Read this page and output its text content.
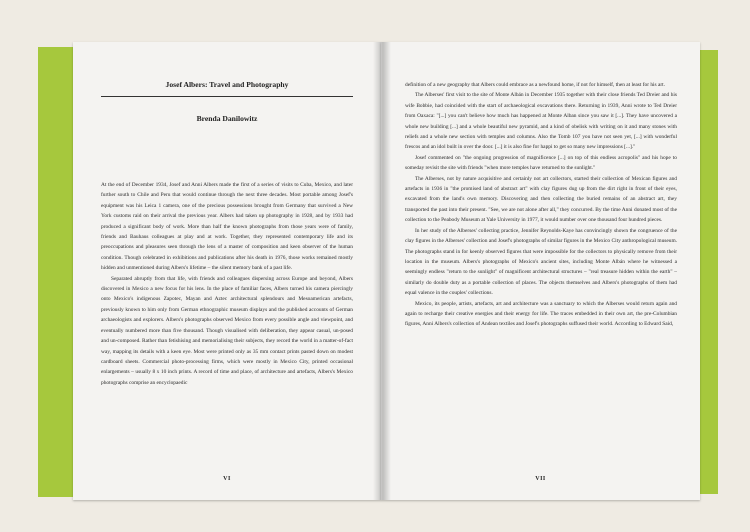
Josef Albers: Travel and Photography
Brenda Danilowitz

At the end of December 1934, Josef and Anni Albers made the first of a series of visits to Cuba, Mexico, and later further south to Chile and Peru that would continue through the next three decades. Most portable among Josef's equipment was his Leica 1 camera, one of the precious possessions brought from Germany that survived a New York customs raid on their arrival the previous year. Albers had taken up photography in 1928, and by 1933 had produced a significant body of work. More than half the known photographs from those years were of family, friends and Bauhaus colleagues at play and at work. Together, they represented contemporary life and its preoccupations and pleasures seen through the lens of a master of composition and keen observer of the human condition. Though celebrated in exhibitions and publications after his death in 1976, those works remained mostly hidden and unmentioned during Albers's lifetime – the silent memory bank of a past life.

Separated abruptly from that life, with friends and colleagues dispersing across Europe and beyond, Albers discovered in Mexico a new focus for his lens. In the place of familiar faces, Albers turned his camera piercingly onto Mexico's indigenous Zapotec, Mayan and Aztec architectural splendours and Mesoamerican artefacts, previously known to him only from German ethnographic museum displays and the published accounts of German archaeologists and explorers. Albers's photographs observed Mexico from every possible angle and viewpoint, and eventually numbered more than five thousand. Though visualised with deliberation, they appear casual, un-posed and un-composed. Rather than fetishising and memorialising their subjects, they record the world in a matter-of-fact way, mapping its details with a keen eye. Most were printed only as 35 mm contact prints pasted down on modest cardboard sheets. Commercial photo-processing firms, which were mostly in Mexico City, printed occasional enlargements – usually 8 x 10 inch prints. A record of time and place, of architecture and artefacts, Albers's Mexico photographs comprise an encyclopaedic

VI

definition of a new geography that Albers could embrace as a newfound home, if not for himself, then at least for his art.

The Alberses' first visit to the site of Monte Albán in December 1935 together with their close friends Ted Dreier and his wife Bobbie, had coincided with the start of archaeological excavations there. Returning in 1939, Anni wrote to Ted Dreier from Oaxaca: "[...] you can't believe how much has happened at Monte Alban since you saw it [...]. They have uncovered a whole new building [...] and a whole beautiful new pyramid, and a kind of obelisk with writing on it and many stones with reliefs and a whole new section with temples and columns. Also the Tomb 107 you have not seen yet, [...] with wonderful frescos and an idol built in over the door. [...] it is also fine for happi to get so many new impressions [...]."

Josef commented on "the ongoing progression of magnificence [...] on top of this endless acropolis" and his hope to someday revisit the site with friends "when more temples have returned to the sunlight."

The Alberses, not by nature acquisitive and certainly not art collectors, started their collection of Mexican figures and artefacts in 1936 in "the promised land of abstract art" with clay figures dug up from the dirt right in front of their eyes, excavated from the land's own memory. Discovering and then collecting the buried remains of an abstract art, they transported the past into their present. "See, we are not alone after all," they concurred. By the time Anni donated most of the collection to the Peabody Museum at Yale University in 1977, it would number over one thousand four hundred pieces.

In her study of the Alberses' collecting practice, Jennifer Reynolds-Kaye has convincingly shown the congruence of the clay figures in the Alberses' collection and Josef's photographs of similar figures in the Mexico City anthropological museum. The photographs stand in for keenly observed figures that were impossible for the collectors to physically remove from their location in the museum. Albers's photographs of Mexico's ancient sites, including Monte Albán where he witnessed a seemingly endless "return to the sunlight" of magnificent architectural structures – "real treasure hidden within the earth" – similarly do double duty as a portable collection of places. The objects themselves and Albers's photographs of them had equal valence in the couples' collections.

Mexico, its people, artists, artefacts, art and architecture was a sanctuary to which the Alberses would return again and again to recharge their creative energies and their energy for life. The traces embedded in their own art, the pre-Columbian figures, Anni Albers's collection of Andean textiles and Josef's photographs suffused their world. According to Edward Said,

VII
